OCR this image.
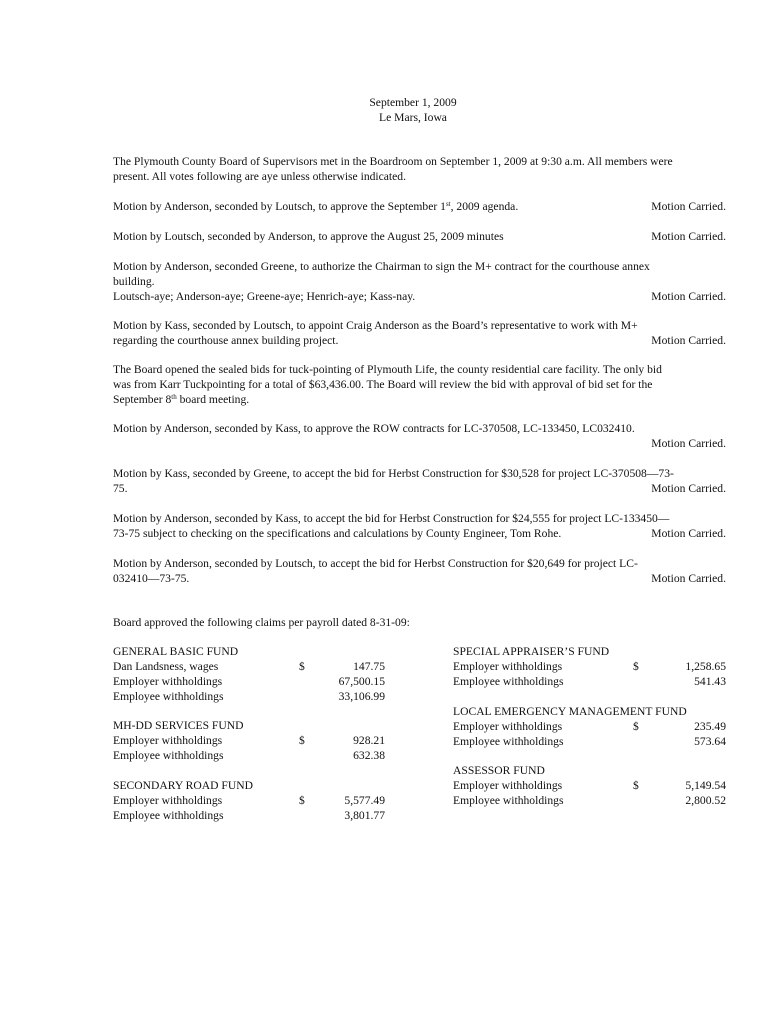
September 1, 2009
Le Mars, Iowa
The Plymouth County Board of Supervisors met in the Boardroom on September 1, 2009 at 9:30 a.m. All members were
present. All votes following are aye unless otherwise indicated.
Motion by Anderson, seconded by Loutsch, to approve the September 1st, 2009 agenda.	Motion Carried.
Motion by Loutsch, seconded by Anderson, to approve the August 25, 2009 minutes	Motion Carried.
Motion by Anderson, seconded Greene, to authorize the Chairman to sign the M+ contract for the courthouse annex
building.
Loutsch-aye; Anderson-aye; Greene-aye; Henrich-aye; Kass-nay.	Motion Carried.
Motion by Kass, seconded by Loutsch, to appoint Craig Anderson as the Board’s representative to work with M+
regarding the courthouse annex building project.	Motion Carried.
The Board opened the sealed bids for tuck-pointing of Plymouth Life, the county residential care facility. The only bid
was from Karr Tuckpointing for a total of $63,436.00. The Board will review the bid with approval of bid set for the
September 8th board meeting.
Motion by Anderson, seconded by Kass, to approve the ROW contracts for LC-370508, LC-133450, LC032410.
Motion Carried.
Motion by Kass, seconded by Greene, to accept the bid for Herbst Construction for $30,528 for project LC-370508—73-
75.	Motion Carried.
Motion by Anderson, seconded by Kass, to accept the bid for Herbst Construction for $24,555 for project LC-133450—
73-75 subject to checking on the specifications and calculations by County Engineer, Tom Rohe.	Motion Carried.
Motion by Anderson, seconded by Loutsch, to accept the bid for Herbst Construction for $20,649 for project LC-
032410—73-75.	Motion Carried.
Board approved the following claims per payroll dated 8-31-09:
GENERAL BASIC FUND
Dan Landsness, wages	$	147.75
Employer withholdings	67,500.15
Employee withholdings	33,106.99
MH-DD SERVICES FUND
Employer withholdings	$	928.21
Employee withholdings	632.38
SECONDARY ROAD FUND
Employer withholdings	$	5,577.49
Employee withholdings	3,801.77
SPECIAL APPRAISER’S FUND
Employer withholdings	$	1,258.65
Employee withholdings	541.43
LOCAL EMERGENCY MANAGEMENT FUND
Employer withholdings	$	235.49
Employee withholdings	573.64
ASSESSOR FUND
Employer withholdings	$	5,149.54
Employee withholdings	2,800.52
